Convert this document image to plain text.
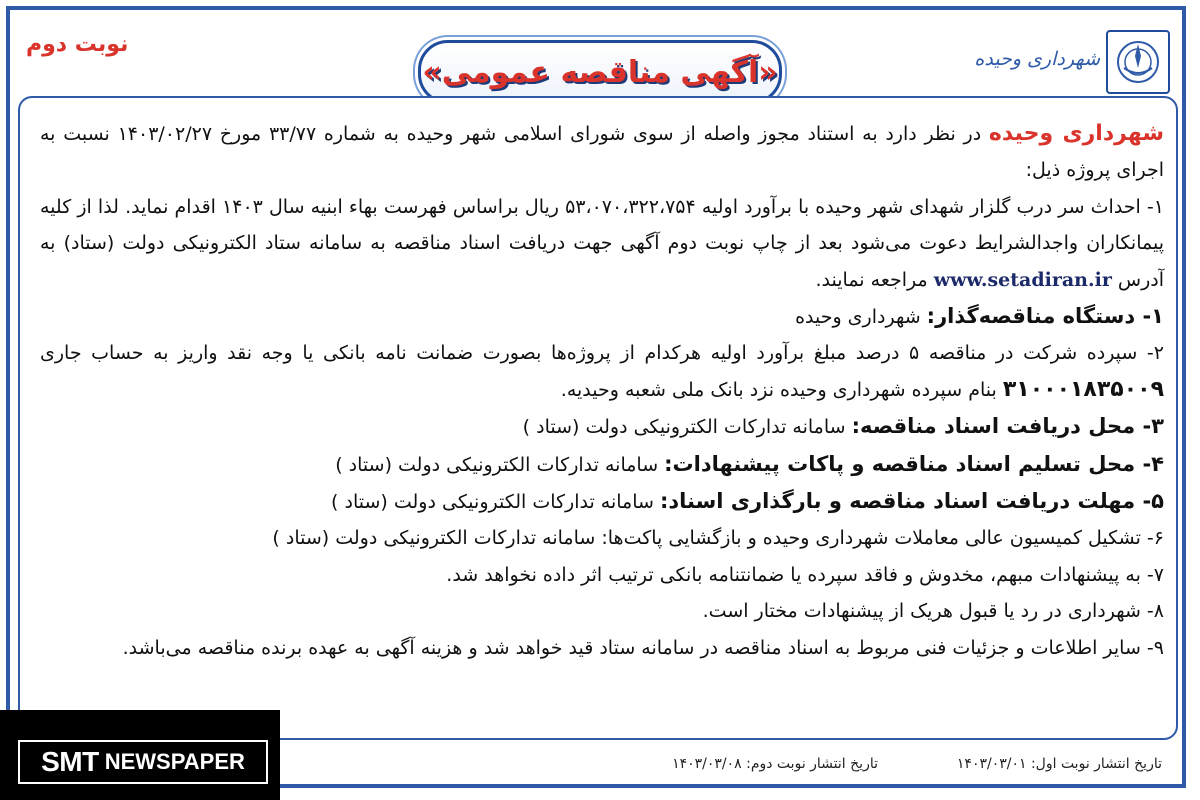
نوبت دوم
«آگهی مناقصه عمومی»	شهرداری وحیده

شهرداری وحیده در نظر دارد به استناد مجوز واصله از سوی شورای اسلامی شهر وحیده به شماره ۳۳/۷۷ مورخ ۱۴۰۳/۰۲/۲۷ نسبت به اجرای پروژه ذیل:

۱- احداث سر درب گلزار شهدای شهر وحیده با برآورد اولیه ۵۳،۰۷۰،۳۲۲،۷۵۴ ریال براساس فهرست بهاء ابنیه سال ۱۴۰۳ اقدام نماید. لذا از کلیه پیمانکاران واجدالشرایط دعوت می‌شود بعد از چاپ نوبت دوم آگهی جهت دریافت اسناد مناقصه به سامانه ستاد الکترونیکی دولت (ستاد) به آدرس www.setadiran.ir مراجعه نمایند.

۱- دستگاه مناقصه‌گذار: شهرداری وحیده

۲- سپرده شرکت در مناقصه ۵ درصد مبلغ برآورد اولیه هرکدام از پروژه‌ها بصورت ضمانت نامه بانکی یا وجه نقد واریز به حساب جاری ۳۱۰۰۰۱۸۳۵۰۰۹ بنام سپرده شهرداری وحیده نزد بانک ملی شعبه وحیدیه.

۳- محل دریافت اسناد مناقصه: سامانه تدارکات الکترونیکی دولت (ستاد )

۴- محل تسلیم اسناد مناقصه و پاکات پیشنهادات: سامانه تدارکات الکترونیکی دولت (ستاد )

۵- مهلت دریافت اسناد مناقصه و بارگذاری اسناد: سامانه تدارکات الکترونیکی دولت (ستاد )

۶- تشکیل کمیسیون عالی معاملات شهرداری وحیده و بازگشایی پاکت‌ها: سامانه تدارکات الکترونیکی دولت (ستاد )

۷- به پیشنهادات مبهم، مخدوش و فاقد سپرده یا ضمانتنامه بانکی ترتیب اثر داده نخواهد شد.

۸- شهرداری در رد یا قبول هریک از پیشنهادات مختار است.

۹- سایر اطلاعات و جزئیات فنی مربوط به اسناد مناقصه در سامانه ستاد قید خواهد شد و هزینه آگهی به عهده برنده مناقصه می‌باشد.

تاریخ انتشار نوبت اول: ۱۴۰۳/۰۳/۰۱
تاریخ انتشار نوبت دوم: ۱۴۰۳/۰۳/۰۸
SMT NEWSPAPER
